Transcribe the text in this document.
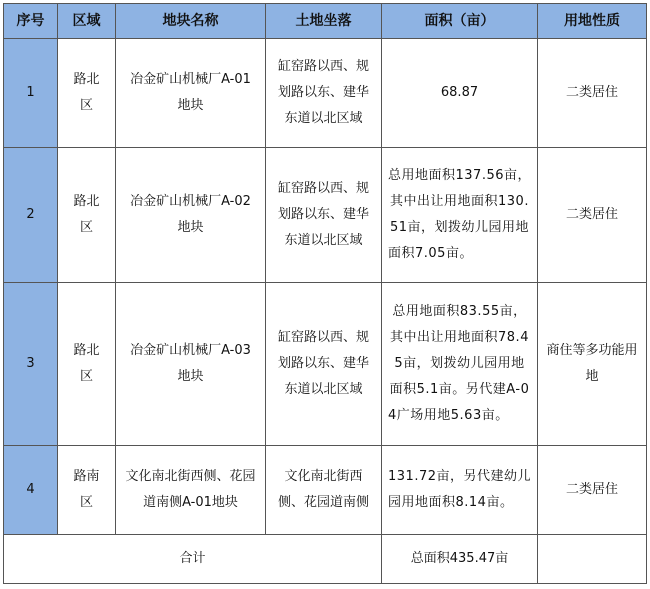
序号	区域	地块名称	土地坐落	面积（亩）	用地性质
1	路北区	冶金矿山机械厂A-01地块	缸窑路以西、规划路以东、建华东道以北区域	68.87	二类居住
2	路北区	冶金矿山机械厂A-02地块	缸窑路以西、规划路以东、建华东道以北区域	总用地面积137.56亩，其中出让用地面积130.51亩，划拨幼儿园用地面积7.05亩。	二类居住
3	路北区	冶金矿山机械厂A-03地块	缸窑路以西、规划路以东、建华东道以北区域	总用地面积83.55亩，其中出让用地面积78.45亩，划拨幼儿园用地面积5.1亩。另代建A-04广场用地5.63亩。	商住等多功能用地
4	路南区	文化南北街西侧、花园道南侧A-01地块	文化南北街西侧、花园道南侧	131.72亩，另代建幼儿园用地面积8.14亩。	二类居住
合计				总面积435.47亩	
